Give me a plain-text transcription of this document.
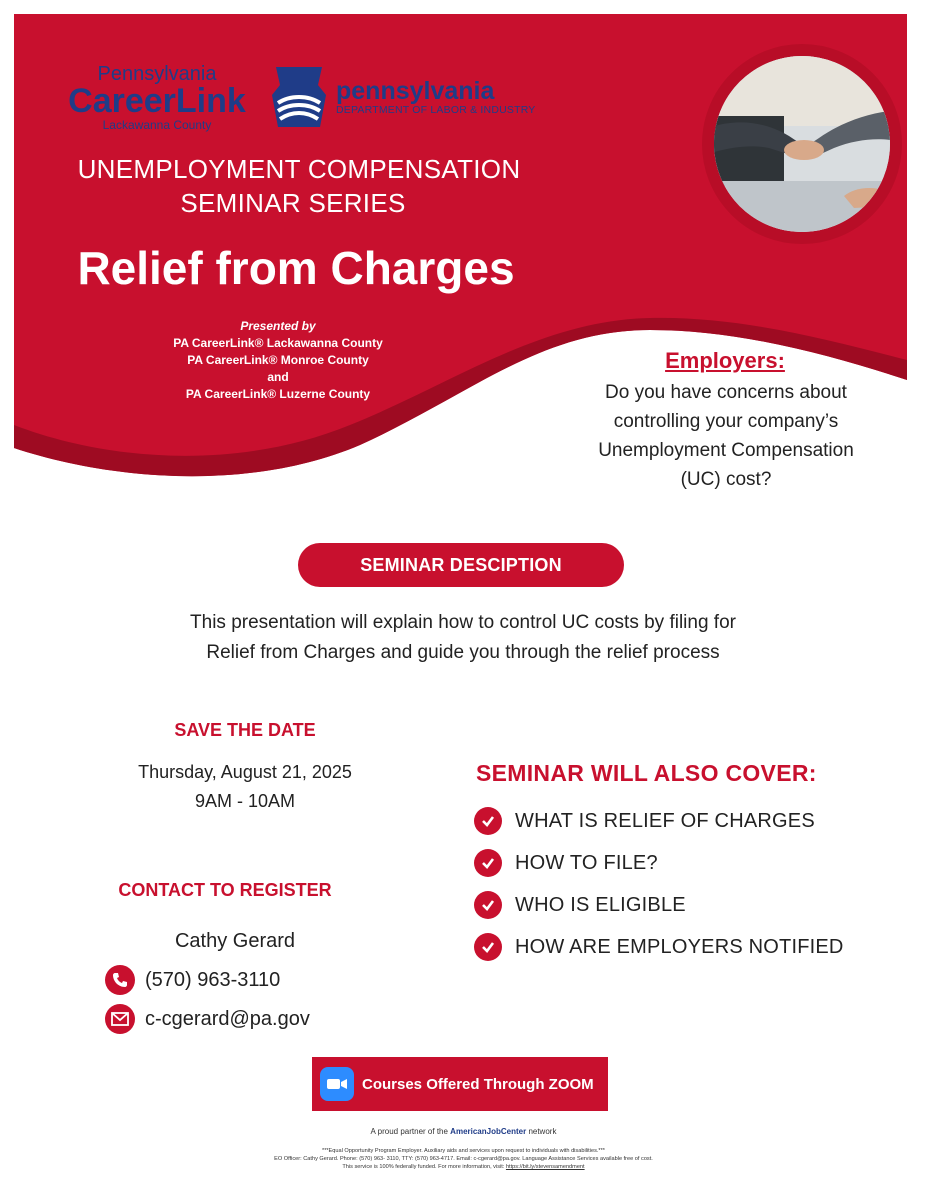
Pennsylvania
CareerLink
Lackawanna County
pennsylvania
DEPARTMENT OF LABOR & INDUSTRY
UNEMPLOYMENT COMPENSATION
SEMINAR SERIES
Relief from Charges
Presented by
PA CareerLink® Lackawanna County
PA CareerLink® Monroe County
and
PA CareerLink® Luzerne County
Employers:
Do you have concerns about controlling your company’s Unemployment Compensation (UC) cost?
SEMINAR DESCIPTION
This presentation will explain how to control UC costs by filing for
Relief from Charges and guide you through the relief process
SAVE THE DATE
Thursday, August 21, 2025
9AM - 10AM
CONTACT TO REGISTER
Cathy Gerard
(570) 963-3110
c-cgerard@pa.gov
SEMINAR WILL ALSO COVER:
WHAT IS RELIEF OF CHARGES
HOW TO FILE?
WHO IS ELIGIBLE
HOW ARE EMPLOYERS NOTIFIED
Courses Offered Through ZOOM
A proud partner of the AmericanJobCenter network
***Equal Opportunity Program Employer. Auxiliary aids and services upon request to individuals with disabilities.***
EO Officer: Cathy Gerard. Phone: (570) 963- 3110, TTY: (570) 963-4717. Email: c-cgerard@pa.gov. Language Assistance Services available free of cost.
This service is 100% federally funded. For more information, visit: https://bit.ly/stevensamendment
